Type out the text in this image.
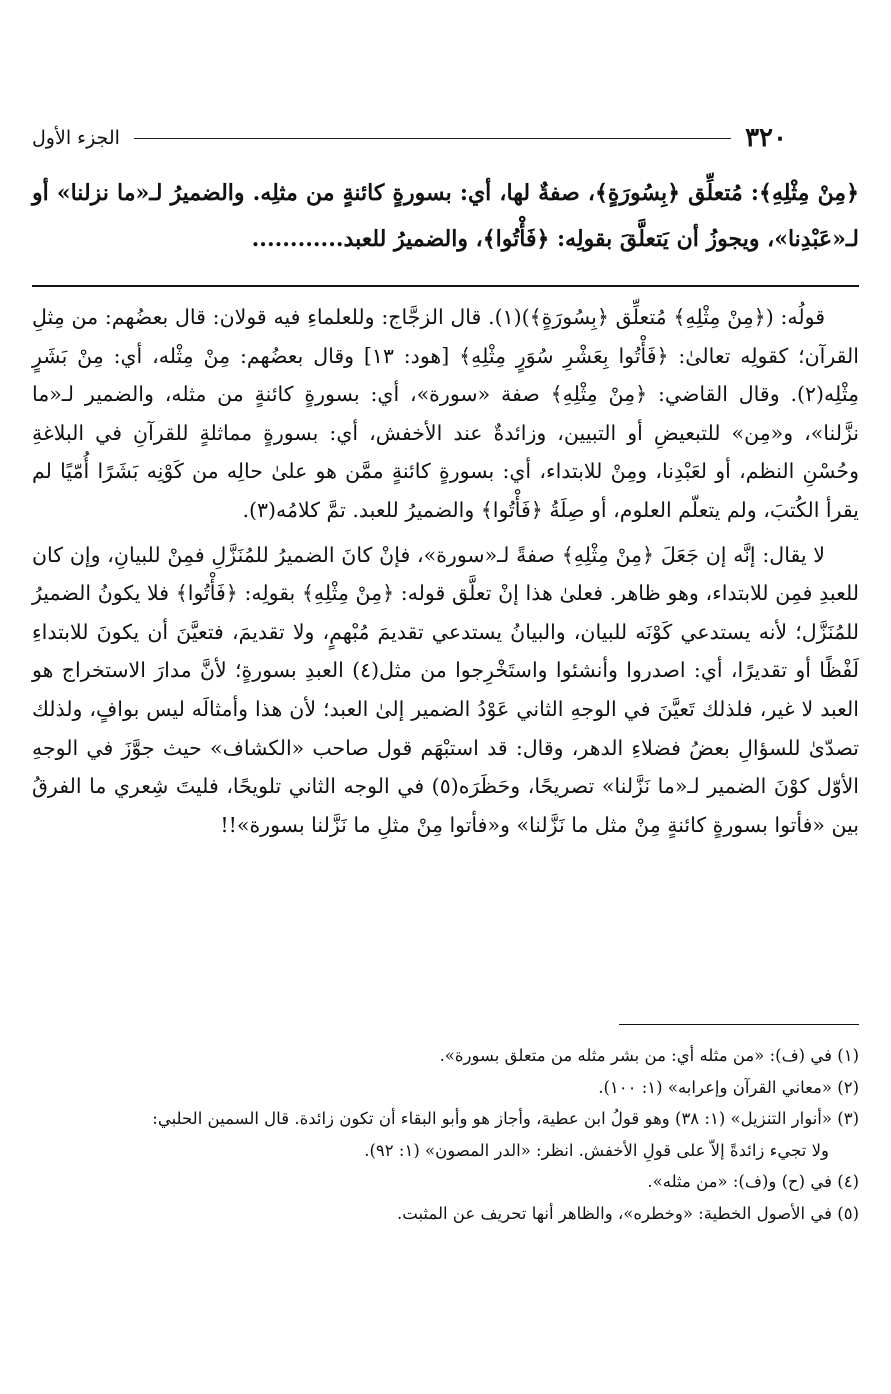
٣٢٠
الجزء الأول
﴿مِنْ مِثْلِهِ﴾: مُتعلِّق ﴿بِسُورَةٍ﴾، صفةٌ لها، أي: بسورةٍ كائنةٍ من مثلِه. والضميرُ لـ«ما نزلنا» أو لـ«عَبْدِنا»، ويجوزُ أن يَتعلَّقَ بقولِه: ﴿فَأْتُوا﴾، والضميرُ للعبد............

قولُه: (﴿مِنْ مِثْلِهِ﴾ مُتعلِّق ﴿بِسُورَةٍ﴾)(١). قال الزجَّاج: وللعلماءِ فيه قولان: قال بعضُهم: من مِثلِ القرآن؛ كقولِه تعالىٰ: ﴿فَأْتُوا بِعَشْرِ سُوَرٍ مِثْلِهِ﴾ [هود: ١٣] وقال بعضُهم: مِنْ مِثْله، أي: مِنْ بَشَرٍ مِثْلِه(٢). وقال القاضي: ﴿مِنْ مِثْلِهِ﴾ صفة «سورة»، أي: بسورةٍ كائنةٍ من مثله، والضمير لـ«ما نزَّلنا»، و«مِن» للتبعيضِ أو التبيين، وزائدةٌ عند الأخفش، أي: بسورةٍ مماثلةٍ للقرآنِ في البلاغةِ وحُسْنِ النظم، أو لعَبْدِنا، ومِنْ للابتداء، أي: بسورةٍ كائنةٍ ممَّن هو علىٰ حالِه من كَوْنِه بَشَرًا أُمّيًا لم يقرأ الكُتبَ، ولم يتعلّم العلوم، أو صِلَةُ ﴿فَأْتُوا﴾ والضميرُ للعبد. تمَّ كلامُه(٣).

لا يقال: إنَّه إن جَعَلَ ﴿مِنْ مِثْلِهِ﴾ صفةً لـ«سورة»، فإنْ كانَ الضميرُ للمُنَزَّلِ فمِنْ للبيانِ، وإن كان للعبدِ فمِن للابتداء، وهو ظاهر. فعلىٰ هذا إنْ تعلَّق قوله: ﴿مِنْ مِثْلِهِ﴾ بقولِه: ﴿فَأْتُوا﴾ فلا يكونُ الضميرُ للمُنَزَّل؛ لأنه يستدعي كَوْنَه للبيان، والبيانُ يستدعي تقديمَ مُبْهمٍ، ولا تقديمَ، فتعيَّنَ أن يكونَ للابتداءِ لَفْظًا أو تقديرًا، أي: اصدروا وأنشئوا واستَخْرِجوا من مثل(٤) العبدِ بسورةٍ؛ لأنَّ مدارَ الاستخراج هو العبد لا غير، فلذلك تَعيَّنَ في الوجهِ الثاني عَوْدُ الضمير إلىٰ العبد؛ لأن هذا وأمثالَه ليس بوافٍ، ولذلك تصدّىٰ للسؤالِ بعضُ فضلاءِ الدهر، وقال: قد استبْهَم قول صاحب «الكشاف» حيث جوَّزَ في الوجهِ الأوّل كوْنَ الضمير لـ«ما نَزَّلنا» تصريحًا، وحَظَرَه(٥) في الوجه الثاني تلويحًا، فليتَ شِعري ما الفرقُ بين «فأتوا بسورةٍ كائنةٍ مِنْ مثل ما نَزَّلنا» و«فأتوا مِنْ مثلِ ما نَزَّلنا بسورة»!!

(١) في (ف): «من مثله أي: من بشر مثله من متعلق بسورة».

(٢) «معاني القرآن وإعرابه» (١: ١٠٠).

(٣) «أنوار التنزيل» (١: ٣٨) وهو قولُ ابن عطية، وأجاز هو وأبو البقاء أن تكون زائدة. قال السمين الحلبي:

ولا تجيء زائدةً إلاّ على قولِ الأخفش. انظر: «الدر المصون» (١: ٩٢).

(٤) في (ح) و(ف): «من مثله».

(٥) في الأصول الخطية: «وخطره»، والظاهر أنها تحريف عن المثبت.
